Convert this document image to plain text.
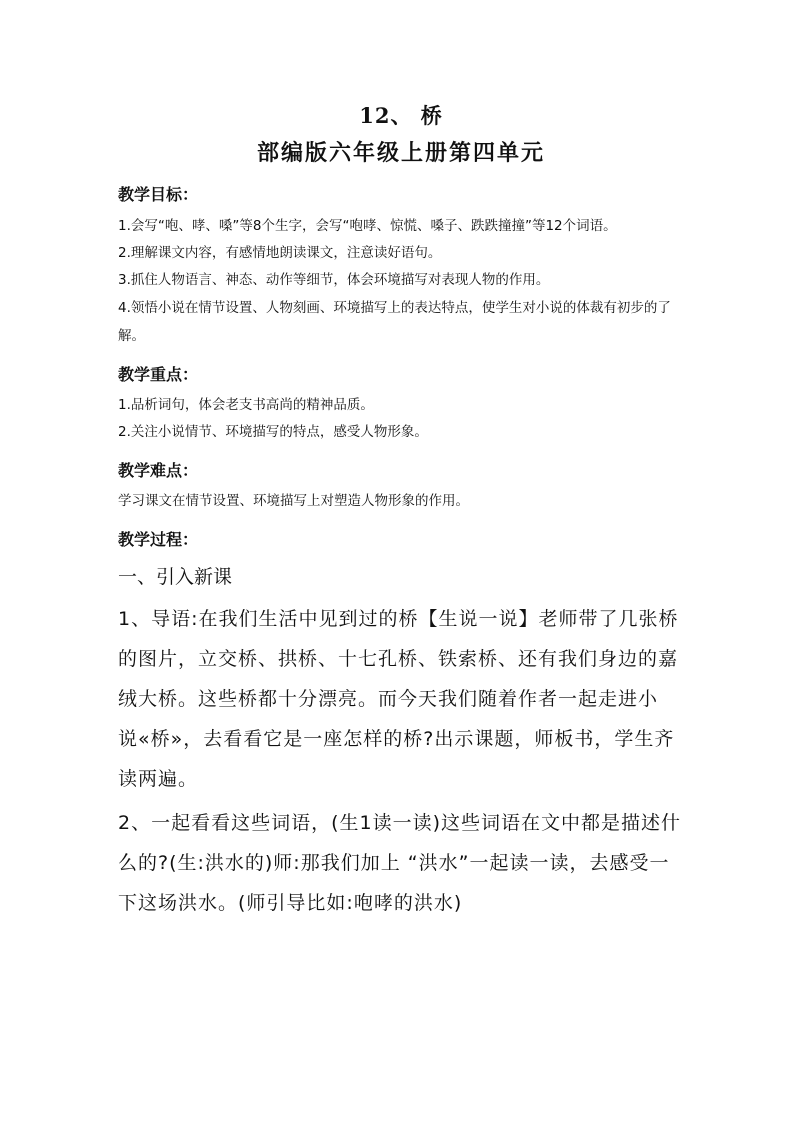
12、 桥
部编版六年级上册第四单元
教学目标：

1.会写“咆、哮、嗓”等8个生字，会写“咆哮、惊慌、嗓子、跌跌撞撞”等12个词语。

2.理解课文内容，有感情地朗读课文，注意读好语句。

3.抓住人物语言、神态、动作等细节，体会环境描写对表现人物的作用。

4.领悟小说在情节设置、人物刻画、环境描写上的表达特点，使学生对小说的体裁有初步的了解。

教学重点：

1.品析词句，体会老支书高尚的精神品质。

2.关注小说情节、环境描写的特点，感受人物形象。

教学难点：

学习课文在情节设置、环境描写上对塑造人物形象的作用。

教学过程：

一、引入新课

1、导语:在我们生活中见到过的桥【生说一说】老师带了几张桥的图片，立交桥、拱桥、十七孔桥、铁索桥、还有我们身边的嘉绒大桥。这些桥都十分漂亮。而今天我们随着作者一起走进小说«桥»，去看看它是一座怎样的桥?出示课题，师板书，学生齐读两遍。

2、一起看看这些词语，(生1读一读)这些词语在文中都是描述什么的?(生:洪水的)师:那我们加上 “洪水”一起读一读，去感受一下这场洪水。(师引导比如:咆哮的洪水)
